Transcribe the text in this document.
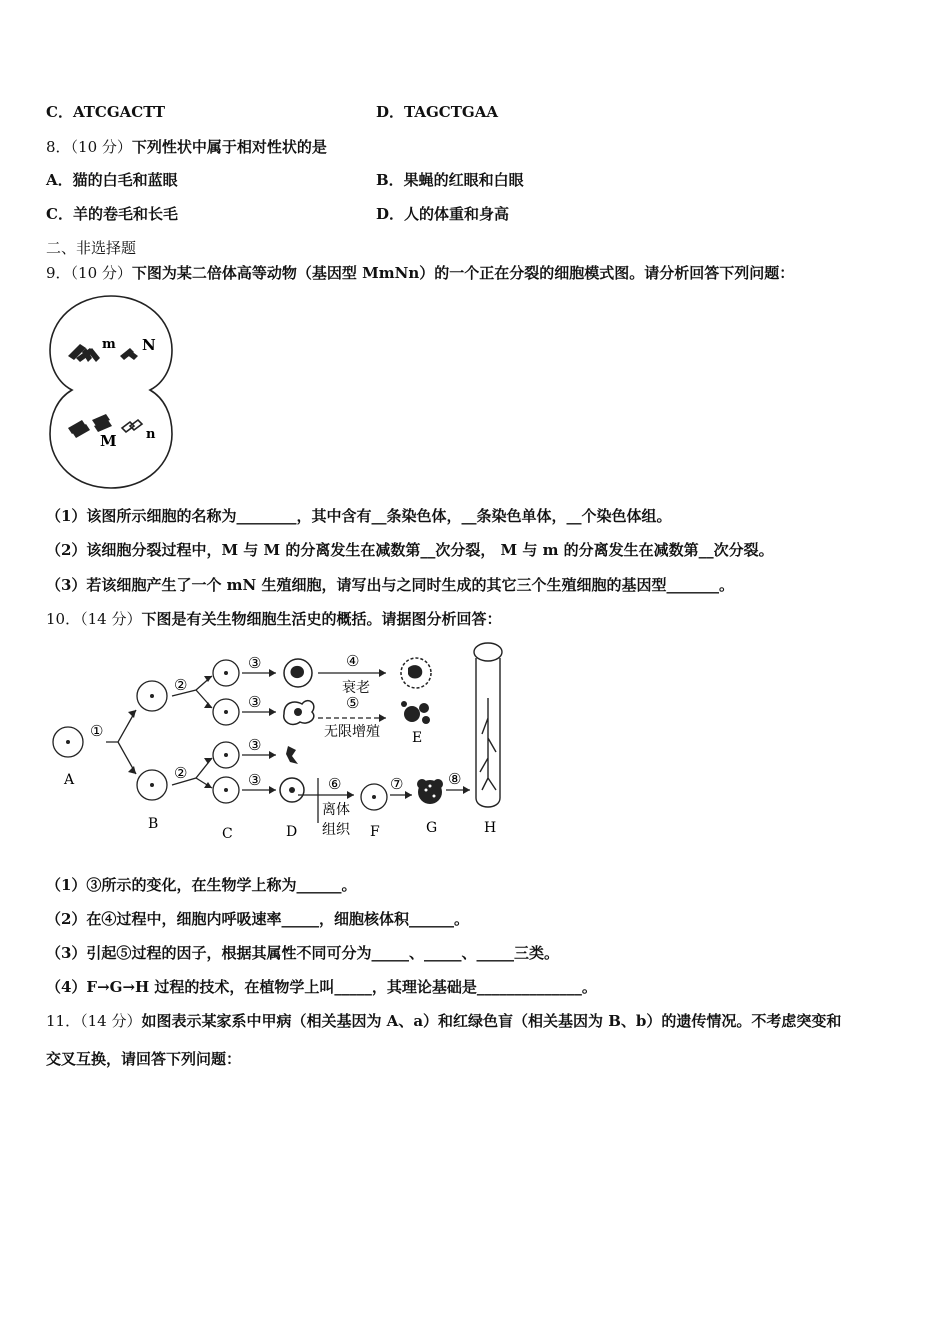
C．ATCGACTT	D．TAGCTGAA
8．（10 分）下列性状中属于相对性状的是
A．猫的白毛和蓝眼	B．果蝇的红眼和白眼
C．羊的卷毛和长毛	D．人的体重和身高
二、非选择题
9．（10 分）下图为某二倍体高等动物（基因型 MmNn）的一个正在分裂的细胞模式图。请分析回答下列问题：
m N
M n
（1）该图所示细胞的名称为________，其中含有__条染色体，__条染色单体，__个染色体组。
（2）该细胞分裂过程中，M 与 M 的分离发生在减数第__次分裂， M 与 m 的分离发生在减数第__次分裂。
（3）若该细胞产生了一个 mN 生殖细胞，请写出与之同时生成的其它三个生殖细胞的基因型_______。
10．（14 分）下图是有关生物细胞生活史的概括。请据图分析回答：
①
②
②
③
③
③
③
④
⑤
⑥	⑦	⑧
衰老
无限增殖
离体
组织
A
B
C	D
E
F	G	H
（1）③所示的变化，在生物学上称为______。
（2）在④过程中，细胞内呼吸速率_____，细胞核体积______。
（3）引起⑤过程的因子，根据其属性不同可分为_____、_____、_____三类。
（4）F→G→H 过程的技术，在植物学上叫_____，其理论基础是______________。
11．（14 分）如图表示某家系中甲病（相关基因为 A、a）和红绿色盲（相关基因为 B、b）的遗传情况。不考虑突变和
交叉互换，请回答下列问题：
